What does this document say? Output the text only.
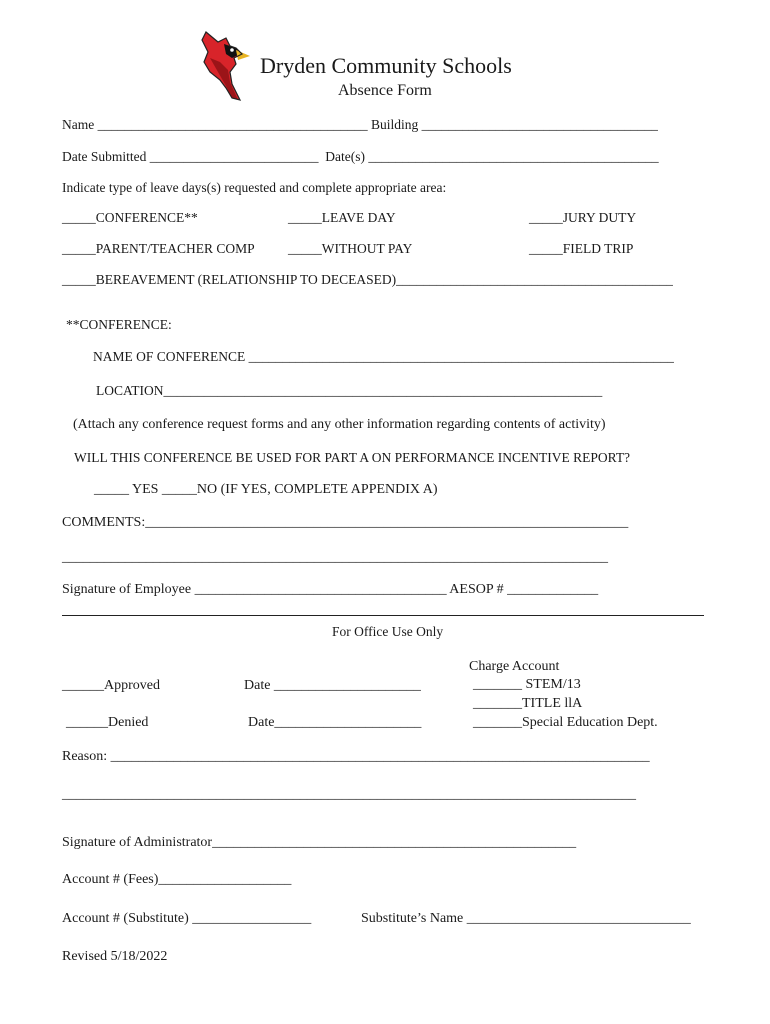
Dryden Community Schools
Absence Form
Name ________________________________________ Building ___________________________________
Date Submitted _________________________  Date(s) ___________________________________________
Indicate type of leave days(s) requested and complete appropriate area:
_____CONFERENCE**	_____LEAVE DAY	_____JURY DUTY
_____PARENT/TEACHER COMP _____WITHOUT PAY	_____FIELD TRIP
_____BEREAVEMENT (RELATIONSHIP TO DECEASED)_________________________________________
**CONFERENCE:
NAME OF CONFERENCE _______________________________________________________________
LOCATION_________________________________________________________________
(Attach any conference request forms and any other information regarding contents of activity)
WILL THIS CONFERENCE BE USED FOR PART A ON PERFORMANCE INCENTIVE REPORT?
_____ YES _____NO (IF YES, COMPLETE APPENDIX A)
COMMENTS:_____________________________________________________________________
______________________________________________________________________________
Signature of Employee ____________________________________ AESOP # _____________
For Office Use Only
Charge Account
______Approved	Date _____________________	_______ STEM/13
_______TITLE llA
______Denied	Date_____________________	_______Special Education Dept.
Reason: _____________________________________________________________________________
__________________________________________________________________________________
Signature of Administrator____________________________________________________
Account # (Fees)___________________
Account # (Substitute) _________________	Substitute’s Name ________________________________
Revised 5/18/2022
